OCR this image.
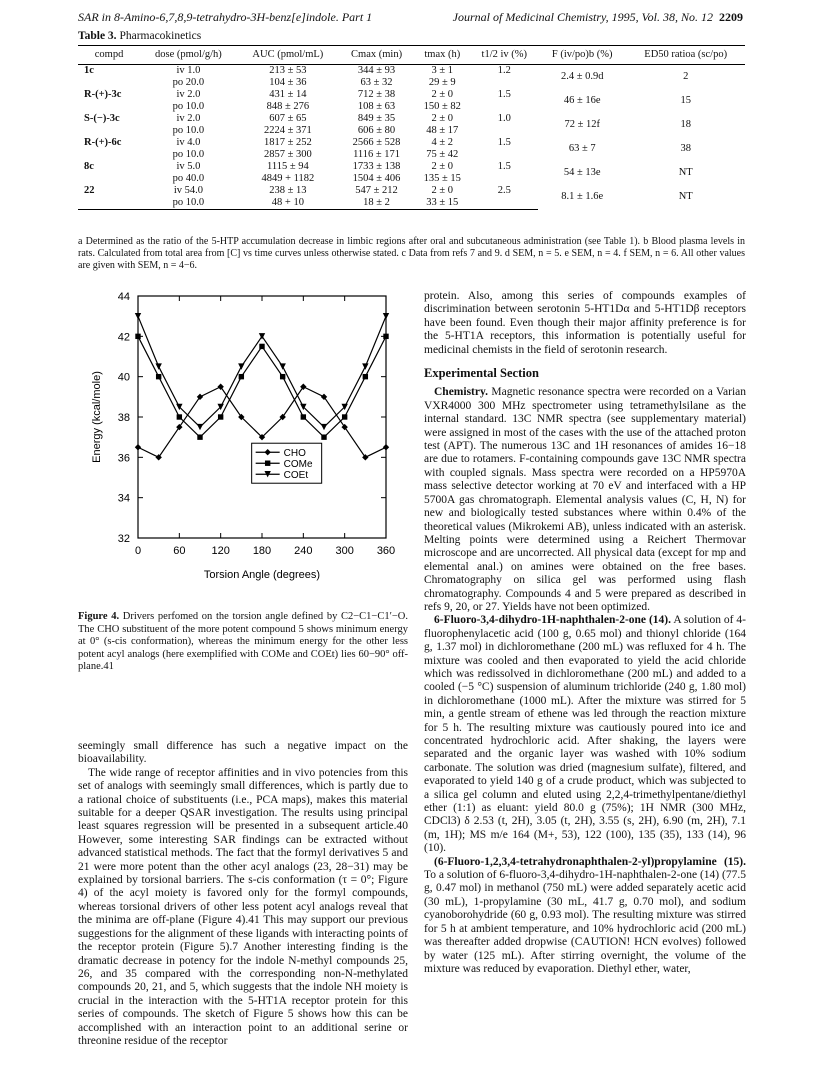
SAR in 8-Amino-6,7,8,9-tetrahydro-3H-benz[e]indole. Part 1	Journal of Medicinal Chemistry, 1995, Vol. 38, No. 12 2209
Table 3. Pharmacokinetics
compd	dose (pmol/g/h)	AUC (pmol/mL)	Cmax (min)	tmax (h)	t1/2 iv (%)	F (iv/po)b (%)	ED50 ratioa (sc/po)
1c	iv 1.0	213 ± 53	344 ± 93	3 ± 1	1.2	2.4 ± 0.9d	2
	po 20.0	104 ± 36	63 ± 32	29 ± 9			
R-(+)-3c	iv 2.0	431 ± 14	712 ± 38	2 ± 0	1.5	46 ± 16e	15
	po 10.0	848 ± 276	108 ± 63	150 ± 82			
S-(−)-3c	iv 2.0	607 ± 65	849 ± 35	2 ± 0	1.0	72 ± 12f	18
	po 10.0	2224 ± 371	606 ± 80	48 ± 17			
R-(+)-6c	iv 4.0	1817 ± 252	2566 ± 528	4 ± 2	1.5	63 ± 7	38
	po 10.0	2857 ± 300	1116 ± 171	75 ± 42			
8c	iv 5.0	1115 ± 94	1733 ± 138	2 ± 0	1.5	54 ± 13e	NT
	po 40.0	4849 + 1182	1504 ± 406	135 ± 15			
22	iv 54.0	238 ± 13	547 ± 212	2 ± 0	2.5	8.1 ± 1.6e	NT
	po 10.0	48 + 10	18 ± 2	33 ± 15			
a Determined as the ratio of the 5-HTP accumulation decrease in limbic regions after oral and subcutaneous administration (see Table 1). b Blood plasma levels in rats. Calculated from total area from [C] vs time curves unless otherwise stated. c Data from refs 7 and 9. d SEM, n = 5. e SEM, n = 4. f SEM, n = 6. All other values are given with SEM, n = 4−6.
0	60 120 180 240 300 360
32
34
36
38
40
42
44
Torsion Angle (degrees)
Energy (kcal/mole)	CHO
COMe
COEt
Figure 4. Drivers perfomed on the torsion angle defined by C2−C1−C1′−O. The CHO substituent of the more potent compound 5 shows minimum energy at 0° (s-cis conformation), whereas the minimum energy for the other less potent acyl analogs (here exemplified with COMe and COEt) lies 60−90° off-plane.41

seemingly small difference has such a negative impact on the bioavailability.

The wide range of receptor affinities and in vivo potencies from this set of analogs with seemingly small differences, which is partly due to a rational choice of substituents (i.e., PCA maps), makes this material suitable for a deeper QSAR investigation. The results using principal least squares regression will be presented in a subsequent article.40 However, some interesting SAR findings can be extracted without advanced statistical methods. The fact that the formyl derivatives 5 and 21 were more potent than the other acyl analogs (23, 28−31) may be explained by torsional barriers. The s-cis conformation (τ = 0°; Figure 4) of the acyl moiety is favored only for the formyl compounds, whereas torsional drivers of other less potent acyl analogs reveal that the minima are off-plane (Figure 4).41 This may support our previous suggestions for the alignment of these ligands with interacting points of the receptor protein (Figure 5).7 Another interesting finding is the dramatic decrease in potency for the indole N-methyl compounds 25, 26, and 35 compared with the corresponding non-N-methylated compounds 20, 21, and 5, which suggests that the indole NH moiety is crucial in the interaction with the 5-HT1A receptor protein for this series of compounds. The sketch of Figure 5 shows how this can be accomplished with an interaction point to an additional serine or threonine residue of the receptor

protein. Also, among this series of compounds examples of discrimination between serotonin 5-HT1Dα and 5-HT1Dβ receptors have been found. Even though their major affinity preference is for the 5-HT1A receptors, this information is potentially useful for medicinal chemists in the field of serotonin research.

Experimental Section

Chemistry. Magnetic resonance spectra were recorded on a Varian VXR4000 300 MHz spectrometer using tetramethylsilane as the internal standard. 13C NMR spectra (see supplementary material) were assigned in most of the cases with the use of the attached proton test (APT). The numerous 13C and 1H resonances of amides 16−18 are due to rotamers. F-containing compounds gave 13C NMR spectra with coupled signals. Mass spectra were recorded on a HP5970A mass selective detector working at 70 eV and interfaced with a HP 5700A gas chromatograph. Elemental analysis values (C, H, N) for new and biologically tested substances where within 0.4% of the theoretical values (Mikrokemi AB), unless indicated with an asterisk. Melting points were determined using a Reichert Thermovar microscope and are uncorrected. All physical data (except for mp and elemental anal.) on amines were obtained on the free bases. Chromatography on silica gel was performed using flash chromatography. Compounds 4 and 5 were prepared as described in refs 9, 20, or 27. Yields have not been optimized.

6-Fluoro-3,4-dihydro-1H-naphthalen-2-one (14). A solution of 4-fluorophenylacetic acid (100 g, 0.65 mol) and thionyl chloride (164 g, 1.37 mol) in dichloromethane (200 mL) was refluxed for 4 h. The mixture was cooled and then evaporated to yield the acid chloride which was redissolved in dichloromethane (200 mL) and added to a cooled (−5 °C) suspension of aluminum trichloride (240 g, 1.80 mol) in dichloromethane (1000 mL). After the mixture was stirred for 5 min, a gentle stream of ethene was led through the reaction mixture for 5 h. The resulting mixture was cautiously poured into ice and concentrated hydrochloric acid. After shaking, the layers were separated and the organic layer was washed with 10% sodium carbonate. The solution was dried (magnesium sulfate), filtered, and evaporated to yield 140 g of a crude product, which was subjected to a silica gel column and eluted using 2,2,4-trimethylpentane/diethyl ether (1:1) as eluant: yield 80.0 g (75%); 1H NMR (300 MHz, CDCl3) δ 2.53 (t, 2H), 3.05 (t, 2H), 3.55 (s, 2H), 6.90 (m, 2H), 7.1 (m, 1H); MS m/e 164 (M+, 53), 122 (100), 135 (35), 133 (14), 96 (10).

(6-Fluoro-1,2,3,4-tetrahydronaphthalen-2-yl)propylamine (15). To a solution of 6-fluoro-3,4-dihydro-1H-naphthalen-2-one (14) (77.5 g, 0.47 mol) in methanol (750 mL) were added separately acetic acid (30 mL), 1-propylamine (30 mL, 41.7 g, 0.70 mol), and sodium cyanoborohydride (60 g, 0.93 mol). The resulting mixture was stirred for 5 h at ambient temperature, and 10% hydrochloric acid (200 mL) was thereafter added dropwise (CAUTION! HCN evolves) followed by water (125 mL). After stirring overnight, the volume of the mixture was reduced by evaporation. Diethyl ether, water,
